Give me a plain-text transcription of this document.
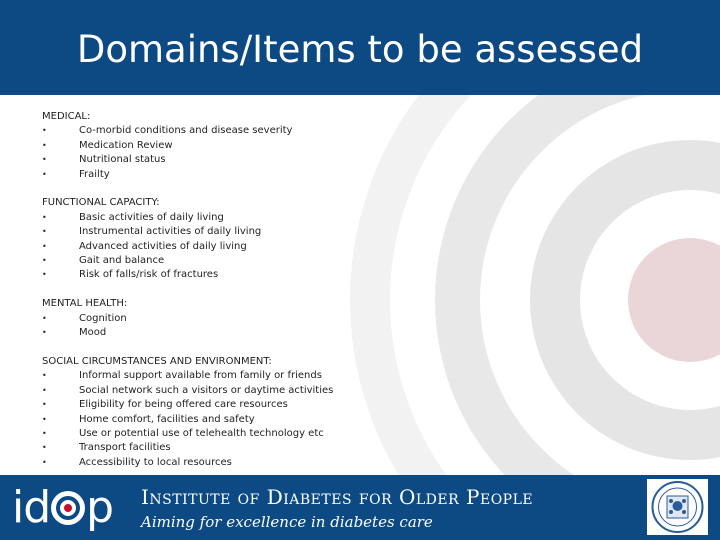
Domains/Items to be assessed
MEDICAL:
•	Co-morbid conditions and disease severity
•	Medication Review
•	Nutritional status
•	Frailty
FUNCTIONAL CAPACITY:
•	Basic activities of daily living
•	Instrumental activities of daily living
•	Advanced activities of daily living
•	Gait and balance
•	Risk of falls/risk of fractures
MENTAL HEALTH:
•	Cognition
•	Mood
SOCIAL CIRCUMSTANCES AND ENVIRONMENT:
•	Informal support available from family or friends
•	Social network such a visitors or daytime activities
•	Eligibility for being offered care resources
•	Home comfort, facilities and safety
•	Use or potential use of telehealth technology etc
•	Transport facilities
•	Accessibility to local resources
id p Institute of Diabetes for Older People
Aiming for excellence in diabetes care
